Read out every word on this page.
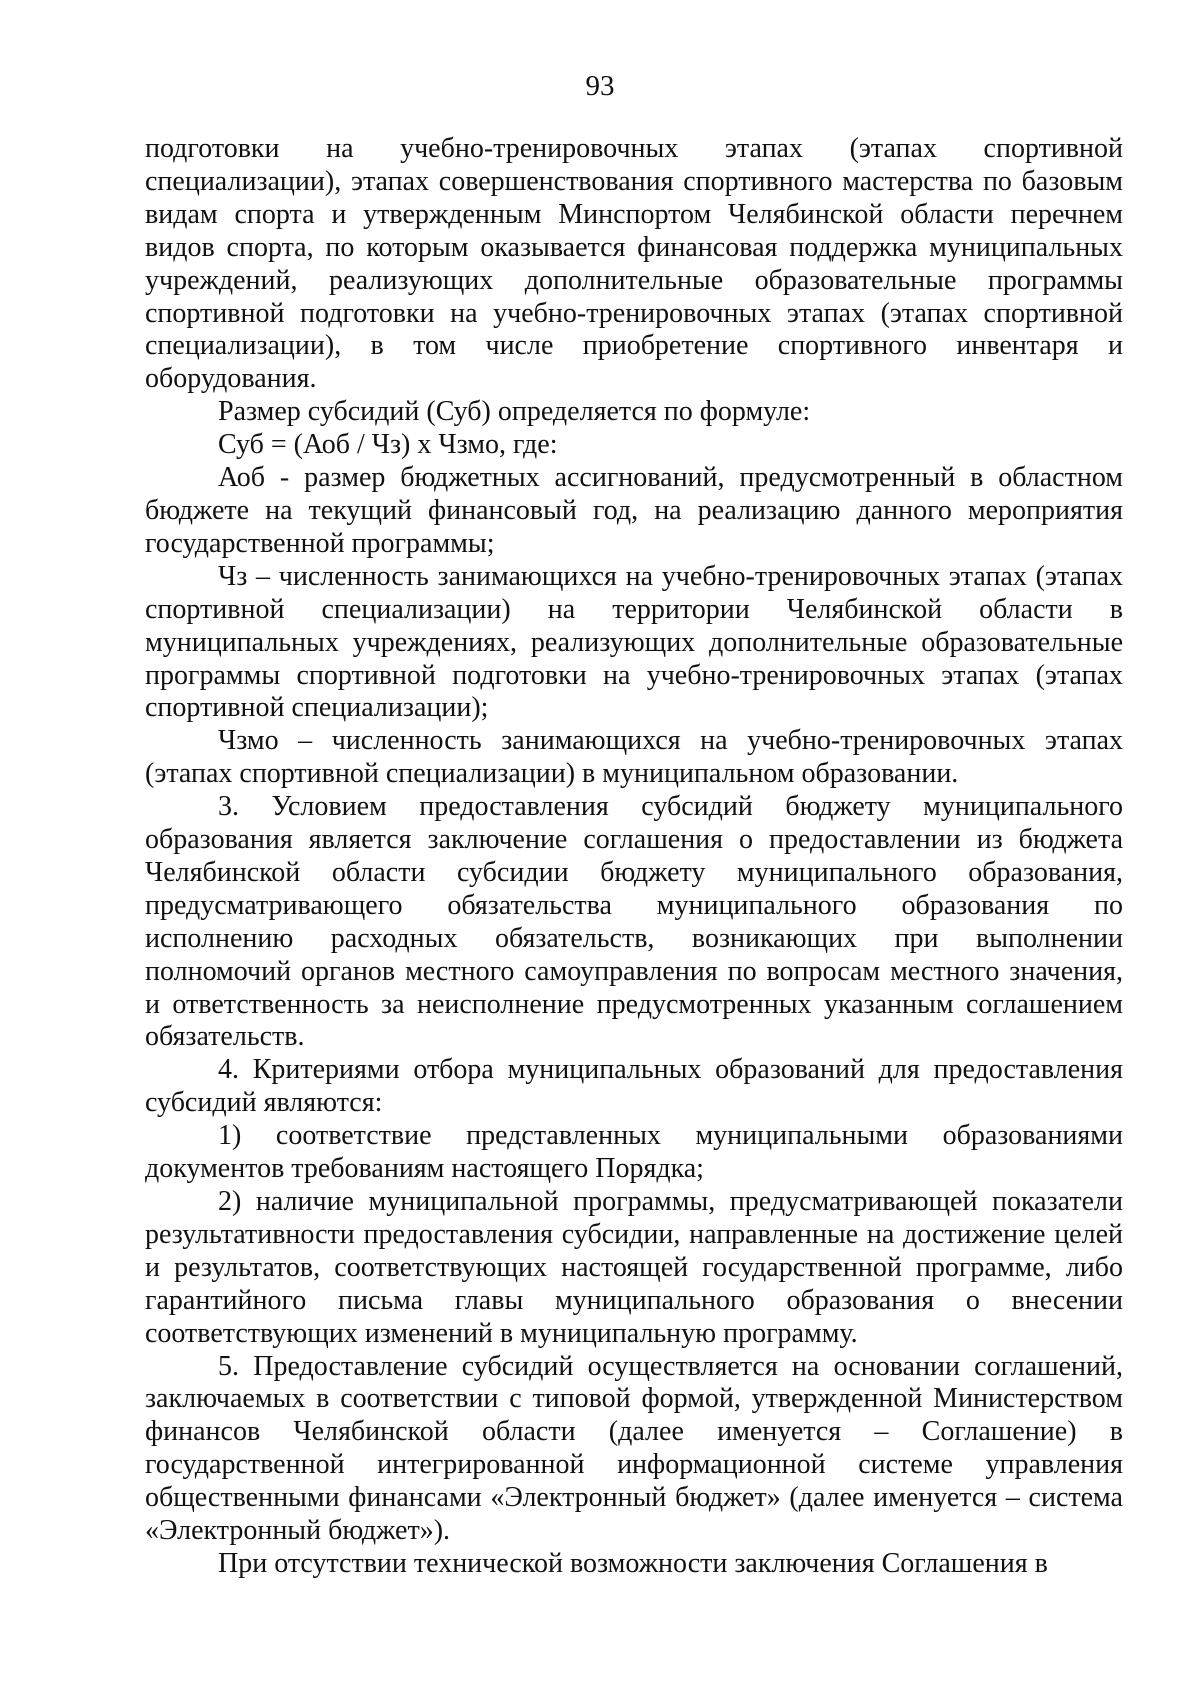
93

подготовки на учебно-тренировочных этапах (этапах спортивной специализации), этапах совершенствования спортивного мастерства по базовым видам спорта и утвержденным Минспортом Челябинской области перечнем видов спорта, по которым оказывается финансовая поддержка муниципальных учреждений, реализующих дополнительные образовательные программы спортивной подготовки на учебно-тренировочных этапах (этапах спортивной специализации), в том числе приобретение спортивного инвентаря и оборудования.

Размер субсидий (Суб) определяется по формуле:

Суб = (Аоб / Чз) х Чзмо, где:

Аоб - размер бюджетных ассигнований, предусмотренный в областном бюджете на текущий финансовый год, на реализацию данного мероприятия государственной программы;

Чз – численность занимающихся на учебно-тренировочных этапах (этапах спортивной специализации) на территории Челябинской области в муниципальных учреждениях, реализующих дополнительные образовательные программы спортивной подготовки на учебно-тренировочных этапах (этапах спортивной специализации);

Чзмо – численность занимающихся на учебно-тренировочных этапах (этапах спортивной специализации) в муниципальном образовании.

3. Условием предоставления субсидий бюджету муниципального образования является заключение соглашения о предоставлении из бюджета Челябинской области субсидии бюджету муниципального образования, предусматривающего обязательства муниципального образования по исполнению расходных обязательств, возникающих при выполнении полномочий органов местного самоуправления по вопросам местного значения, и ответственность за неисполнение предусмотренных указанным соглашением обязательств.

4. Критериями отбора муниципальных образований для предоставления субсидий являются:

1) соответствие представленных муниципальными образованиями документов требованиям настоящего Порядка;

2) наличие муниципальной программы, предусматривающей показатели результативности предоставления субсидии, направленные на достижение целей и результатов, соответствующих настоящей государственной программе, либо гарантийного письма главы муниципального образования о внесении соответствующих изменений в муниципальную программу.

5. Предоставление субсидий осуществляется на основании соглашений, заключаемых в соответствии с типовой формой, утвержденной Министерством финансов Челябинской области (далее именуется – Соглашение) в государственной интегрированной информационной системе управления общественными финансами «Электронный бюджет» (далее именуется – система «Электронный бюджет»).

При отсутствии технической возможности заключения Соглашения в
